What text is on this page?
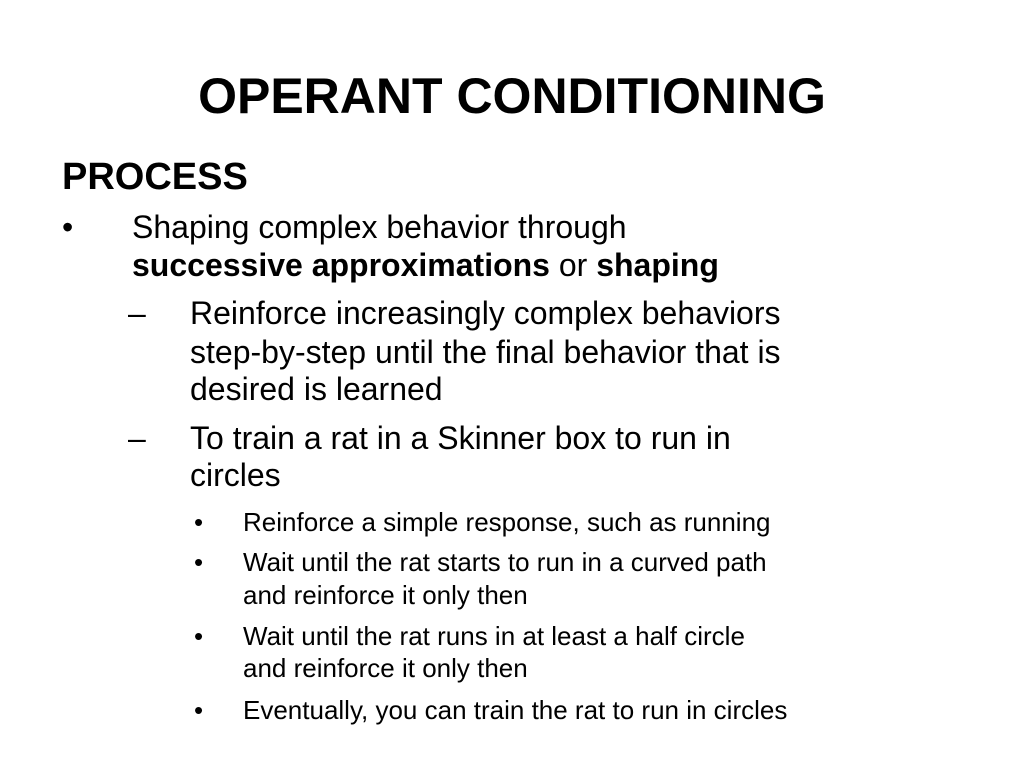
OPERANT CONDITIONING
PROCESS
• Shaping complex behavior through
successive approximations or shaping
– Reinforce increasingly complex behaviors
step-by-step until the final behavior that is
desired is learned
– To train a rat in a Skinner box to run in
circles
• Reinforce a simple response, such as running
• Wait until the rat starts to run in a curved path
and reinforce it only then
• Wait until the rat runs in at least a half circle
and reinforce it only then
• Eventually, you can train the rat to run in circles
